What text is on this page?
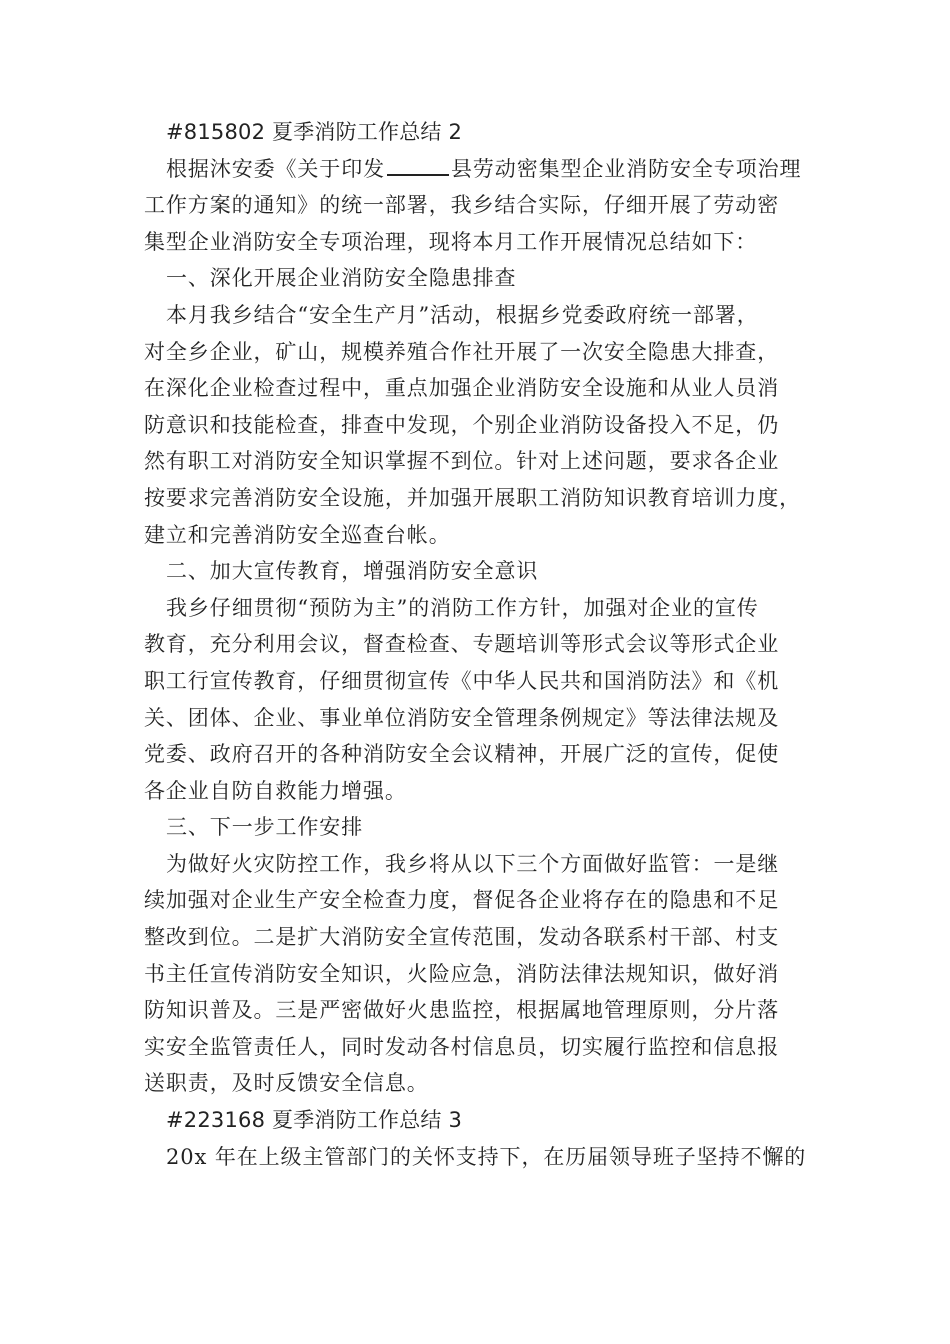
#815802 夏季消防工作总结 2
根据沐安委《关于印发	县劳动密集型企业消防安全专项治理
工作方案的通知》的统一部署，我乡结合实际，仔细开展了劳动密
集型企业消防安全专项治理，现将本月工作开展情况总结如下：
一、深化开展企业消防安全隐患排查
本月我乡结合“安全生产月”活动，根据乡党委政府统一部署，
对全乡企业，矿山，规模养殖合作社开展了一次安全隐患大排查，
在深化企业检查过程中，重点加强企业消防安全设施和从业人员消
防意识和技能检查，排查中发现，个别企业消防设备投入不足，仍
然有职工对消防安全知识掌握不到位。针对上述问题，要求各企业
按要求完善消防安全设施，并加强开展职工消防知识教育培训力度，
建立和完善消防安全巡查台帐。
二、加大宣传教育，增强消防安全意识
我乡仔细贯彻“预防为主”的消防工作方针，加强对企业的宣传
教育，充分利用会议，督查检查、专题培训等形式会议等形式企业
职工行宣传教育，仔细贯彻宣传《中华人民共和国消防法》和《机
关、团体、企业、事业单位消防安全管理条例规定》等法律法规及
党委、政府召开的各种消防安全会议精神，开展广泛的宣传，促使
各企业自防自救能力增强。
三、下一步工作安排
为做好火灾防控工作，我乡将从以下三个方面做好监管：一是继
续加强对企业生产安全检查力度，督促各企业将存在的隐患和不足
整改到位。二是扩大消防安全宣传范围，发动各联系村干部、村支
书主任宣传消防安全知识，火险应急，消防法律法规知识，做好消
防知识普及。三是严密做好火患监控，根据属地管理原则，分片落
实安全监管责任人，同时发动各村信息员，切实履行监控和信息报
送职责，及时反馈安全信息。
#223168 夏季消防工作总结 3
20x 年在上级主管部门的关怀支持下，在历届领导班子坚持不懈的
